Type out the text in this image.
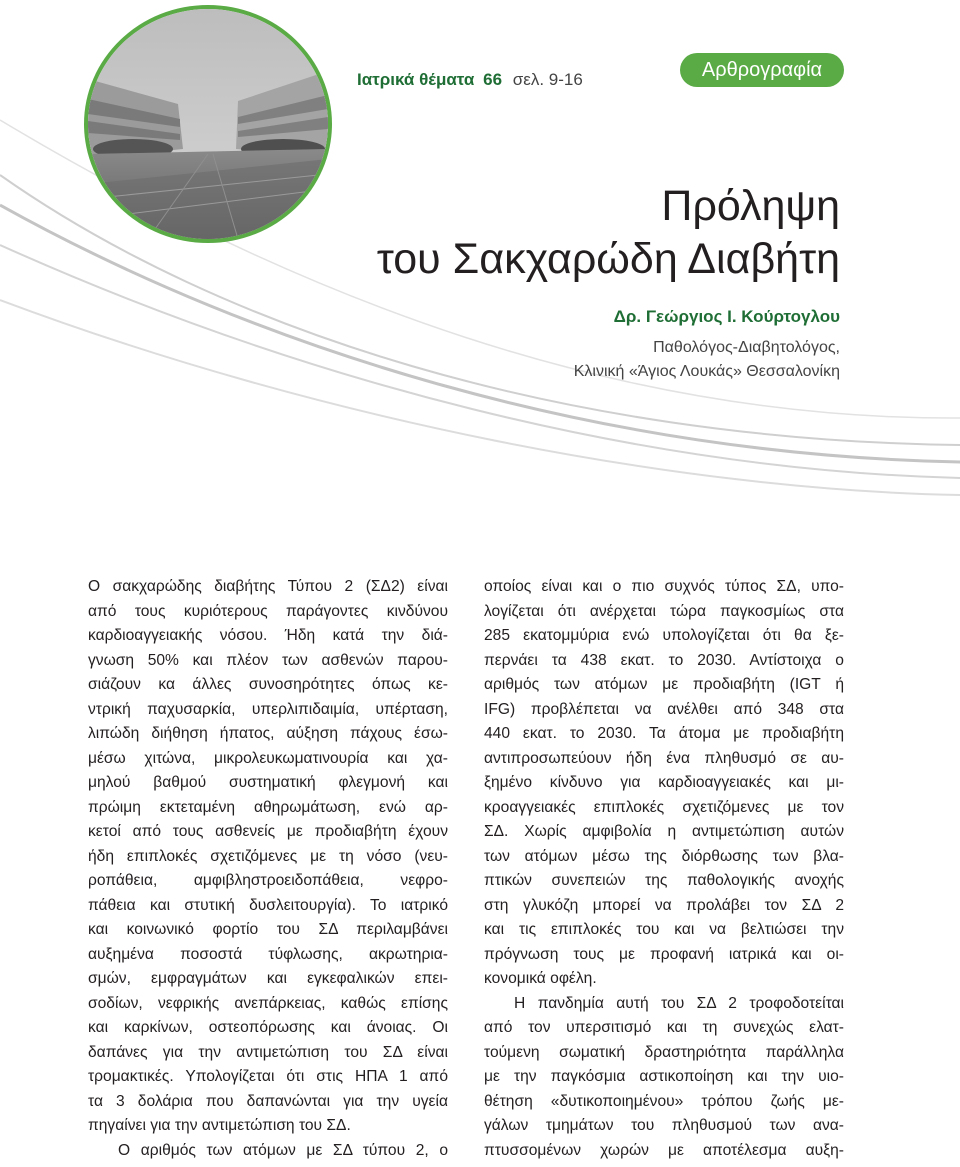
Ιατρικά θέματα 66 σελ. 9-16	Αρθρογραφία
Πρόληψη
του Σακχαρώδη Διαβήτη
Δρ. Γεώργιος Ι. Κούρτογλου
Παθολόγος-Διαβητολόγος,
Κλινική «Άγιος Λουκάς» Θεσσαλονίκη
Ο σακχαρώδης διαβήτης Τύπου 2 (ΣΔ2) είναι
από τους κυριότερους παράγοντες κινδύνου
καρδιοαγγειακής νόσου. Ήδη κατά την διά-
γνωση 50% και πλέον των ασθενών παρου-
σιάζουν κα άλλες συνοσηρότητες όπως κε-
ντρική παχυσαρκία, υπερλιπιδαιμία, υπέρταση,
λιπώδη διήθηση ήπατος, αύξηση πάχους έσω-
μέσω χιτώνα, μικρολευκωματινουρία και χα-
μηλού βαθμού συστηματική φλεγμονή και
πρώιμη εκτεταμένη αθηρωμάτωση, ενώ αρ-
κετοί από τους ασθενείς με προδιαβήτη έχουν
ήδη επιπλοκές σχετιζόμενες με τη νόσο (νευ-
ροπάθεια, αμφιβληστροειδοπάθεια, νεφρο-
πάθεια και στυτική δυσλειτουργία). Το ιατρικό
και κοινωνικό φορτίο του ΣΔ περιλαμβάνει
αυξημένα ποσοστά τύφλωσης, ακρωτηρια-
σμών, εμφραγμάτων και εγκεφαλικών επει-
σοδίων, νεφρικής ανεπάρκειας, καθώς επίσης
και καρκίνων, οστεοπόρωσης και άνοιας. Οι
δαπάνες για την αντιμετώπιση του ΣΔ είναι
τρομακτικές. Υπολογίζεται ότι στις ΗΠΑ 1 από
τα 3 δολάρια που δαπανώνται για την υγεία
πηγαίνει για την αντιμετώπιση του ΣΔ.
Ο αριθμός των ατόμων με ΣΔ τύπου 2, ο
οποίος είναι και ο πιο συχνός τύπος ΣΔ, υπο-
λογίζεται ότι ανέρχεται τώρα παγκοσμίως στα
285 εκατομμύρια ενώ υπολογίζεται ότι θα ξε-
περνάει τα 438 εκατ. το 2030. Αντίστοιχα ο
αριθμός των ατόμων με προδιαβήτη (IGT ή
IFG) προβλέπεται να ανέλθει από 348 στα
440 εκατ. το 2030. Τα άτομα με προδιαβήτη
αντιπροσωπεύουν ήδη ένα πληθυσμό σε αυ-
ξημένο κίνδυνο για καρδιοαγγειακές και μι-
κροαγγειακές επιπλοκές σχετιζόμενες με τον
ΣΔ. Χωρίς αμφιβολία η αντιμετώπιση αυτών
των ατόμων μέσω της διόρθωσης των βλα-
πτικών συνεπειών της παθολογικής ανοχής
στη γλυκόζη μπορεί να προλάβει τον ΣΔ 2
και τις επιπλοκές του και να βελτιώσει την
πρόγνωση τους με προφανή ιατρικά και οι-
κονομικά οφέλη.
Η πανδημία αυτή του ΣΔ 2 τροφοδοτείται
από τον υπερσιτισμό και τη συνεχώς ελατ-
τούμενη σωματική δραστηριότητα παράλληλα
με την παγκόσμια αστικοποίηση και την υιο-
θέτηση «δυτικοποιημένου» τρόπου ζωής με-
γάλων τμημάτων του πληθυσμού των ανα-
πτυσσομένων χωρών με αποτέλεσμα αυξη-
